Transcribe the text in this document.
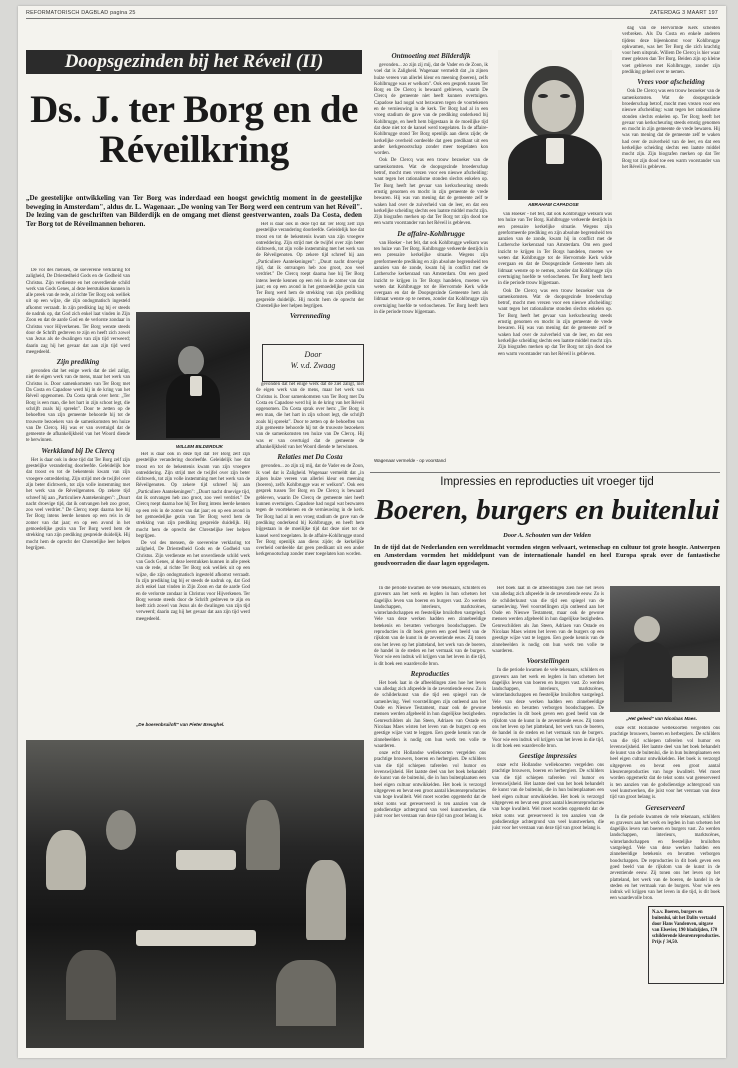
REFORMATORISCH DAGBLAD pagina 25	ZATERDAG 3 MAART 197
Doopsgezinden bij het Réveil (II)
Ds. J. ter Borg en de Réveilkring
„De geestelijke ontwikkeling van Ter Borg was inderdaad een hoogst gewichtig moment in de geestelijke beweging in Amsterdam", aldus dr. L. Wagenaar. „De woning van Ter Borg werd een centrum van het Réveil". De lezing van de geschriften van Bilderdijk en de omgang met dienst geestverwanten, zoals Da Costa, deden Ter Borg tot de Réveilmannen behoren.

De vol des mensen, de soevereine verklaring tot zaligheid, De Driestedheid Gods en de Godheid van Christus. Zijn verdienste en het onverdiende schild werk van Gods Genes, al deze leerstukken kunnen in alle preek van de rede, al richte Ter Borg ook welliek uit op een wijze, die zijn ondogmatisch ingesteld afkomst verraadt. In zijn prediking lag bij er steeds de nadruk op, dat God zich enkel laat vinden in Zijn Zoon en dat de aarde God en de verlorste zondaar in Christus voor Hijverkenen. Ter Borg wenste steeds door de Schrift gedreven te zijn en heeft zich zowel van Jezus als de dwalingen van zijn tijd verweerd; daarin zag hij het gevaar dat aan zijn tijd werd meegedeeld.

Zijn prediking

gevonden dat het enige werk dat de ziel zaligt, niet de eigen werk van de mens, maar het werk van Christus is. Door samenkomsten van Ter Borg met Da Costa en Capadose werd hij in de kring van het Réveil opgenomen. Da Costa sprak over hem: „Ter Borg is een man, die het hart in zijn schoot legt, die schrijft zoals hij spreekt". Door te zetten op de behoeften van zijn gemeente behoorde hij tot de trouwste bezoekers van de samenkomsten ten huize van De Clercq. Hij was er van overtuigd dat de gemeente de afhankelijkheid van het Woord diende te herwinnen.

Werkkland bij De Clercq

Het is daar ook in deze tijd dat Ter Borg zelf zijn geestelijke verandering doorleefde. Geleidelijk hoe dat troost en tot de bekentenis kwam van zijn vroegere ontreddering. Zijn strijd met de twijfel over zijn beter dichtwerk, tot zijn volle instemming met het werk van de Réveilgenoten. Op zekere tijd schreef hij aan „Particuliere Aantekeningen": „Duurt nacht droevige tijd, dat ik ontvangen heb zoo groot, zoo veel verdriet." De Clercq roept daarna hoe hij Ter Borg intens leerde kennen op een reis in de zomer van dat jaar; en op een avond in het gemoedelijke gezin van Ter Borg werd hem de strekking van zijn prediking gespreide duidelijk. Hij mocht hem de oprecht der Chrestelijke leer helpen begrijpen.

WILLEM BILDERDIJK

Het is daar ook in deze tijd dat Ter Borg zelf zijn geestelijke verandering doorleefde. Geleidelijk hoe dat troost en tot de bekentenis kwam van zijn vroegere ontreddering. Zijn strijd met de twijfel over zijn beter dichtwerk, tot zijn volle instemming met het werk van de Réveilgenoten. Op zekere tijd schreef hij aan „Particuliere Aantekeningen": „Duurt nacht droevige tijd, dat ik ontvangen heb zoo groot, zoo veel verdriet." De Clercq roept daarna hoe hij Ter Borg intens leerde kennen op een reis in de zomer van dat jaar; en op een avond in het gemoedelijke gezin van Ter Borg werd hem de strekking van zijn prediking gespreide duidelijk. Hij mocht hem de oprecht der Chrestelijke leer helpen begrijpen.

De vol des mensen, de soevereine verklaring tot zaligheid, De Driestedheid Gods en de Godheid van Christus. Zijn verdienste en het onverdiende schild werk van Gods Genes, al deze leerstukken kunnen in alle preek van de rede, al richte Ter Borg ook welliek uit op een wijze, die zijn ondogmatisch ingesteld afkomst verraadt. In zijn prediking lag bij er steeds de nadruk op, dat God zich enkel laat vinden in Zijn Zoon en dat de aarde God en de verlorste zondaar in Christus voor Hijverkenen. Ter Borg wenste steeds door de Schrift gedreven te zijn en heeft zich zowel van Jezus als de dwalingen van zijn tijd verweerd; daarin zag hij het gevaar dat aan zijn tijd werd meegedeeld.

„De boerenbruiloft" van Pieter Breughel.

Het is daar ook in deze tijd dat Ter Borg zelf zijn geestelijke verandering doorleefde. Geleidelijk hoe dat troost en tot de bekentenis kwam van zijn vroegere ontreddering. Zijn strijd met de twijfel over zijn beter dichtwerk, tot zijn volle instemming met het werk van de Réveilgenoten. Op zekere tijd schreef hij aan „Particuliere Aantekeningen": „Duurt nacht droevige tijd, dat ik ontvangen heb zoo groot, zoo veel verdriet." De Clercq roept daarna hoe hij Ter Borg intens leerde kennen op een reis in de zomer van dat jaar; en op een avond in het gemoedelijke gezin van Ter Borg werd hem de strekking van zijn prediking gespreide duidelijk. Hij mocht hem de oprecht der Chrestelijke leer helpen begrijpen.

Verrenneding
Door
W. v.d. Zwaag

gevonden dat het enige werk dat de ziel zaligt, niet de eigen werk van de mens, maar het werk van Christus is. Door samenkomsten van Ter Borg met Da Costa en Capadose werd hij in de kring van het Réveil opgenomen. Da Costa sprak over hem: „Ter Borg is een man, die het hart in zijn schoot legt, die schrijft zoals hij spreekt". Door te zetten op de behoeften van zijn gemeente behoorde hij tot de trouwste bezoekers van de samenkomsten ten huize van De Clercq. Hij was er van overtuigd dat de gemeente de afhankelijkheid van het Woord diende te herwinnen.

Relaties met Da Costa

gevonden... zo zijn zij mij, dat de Vader en de Zoon, ik voel dat is Zaligheid. Wagenaar vermeldt dat „in zijnen huize vereen van allerlei kleur en meening (boeren), zelfs Kohlbrugge was er welkom". Ook een gesprek tussen Ter Borg en De Clercq is bewaard gebleven, waarin De Clercq de gemeente niet heeft kunnen overtuigen. Capadose had nogal wat bezwaren tegen de voortekenen en de vernieuwing in de kerk. Ter Borg had al in een vroeg stadium de gave van de prediking onderkend bij Kohlbrugge, en heeft hem bijgestaan in de moeilijke tijd dat deze niet tot de kansel werd toegelaten. In de affaire-Kohlbrugge stond Ter Borg openlijk aan diens zijde; de kerkelijke overheid oordeelde dat geen predikant uit een ander kerkgenootschap zonder meer toegelaten kon worden.

Ontmoeting met Bilderdijk

gevonden... zo zijn zij mij, dat de Vader en de Zoon, ik voel dat is Zaligheid. Wagenaar vermeldt dat „in zijnen huize vereen van allerlei kleur en meening (boeren), zelfs Kohlbrugge was er welkom". Ook een gesprek tussen Ter Borg en De Clercq is bewaard gebleven, waarin De Clercq de gemeente niet heeft kunnen overtuigen. Capadose had nogal wat bezwaren tegen de voortekenen en de vernieuwing in de kerk. Ter Borg had al in een vroeg stadium de gave van de prediking onderkend bij Kohlbrugge, en heeft hem bijgestaan in de moeilijke tijd dat deze niet tot de kansel werd toegelaten. In de affaire-Kohlbrugge stond Ter Borg openlijk aan diens zijde; de kerkelijke overheid oordeelde dat geen predikant uit een ander kerkgenootschap zonder meer toegelaten kon worden.

Ook De Clercq was een trouw bezoeker van de samenkomsten. Wat de doopsgezinde broederschap betrof, mocht men vrezen voor een nieuwe afscheiding: want tegen het rationalisme stonden slechts enkelen op. Ter Borg heeft het gevaar van kerkscheuring steeds ernstig genomen en mocht in zijn gemeente de vrede bewaren. Hij was van mening dat de gemeente zelf te waken had over de zuiverheid van de leer, en dat een kerkelijke scheiding slechts een laatste middel mocht zijn. Zijn biografen merken op dat Ter Borg tot zijn dood toe een warm voorstander van het Réveil is gebleven.

De affaire-Kohlbrugge

van Hoeker - het feit, dat ook Kohlbrugge welkom was ten huize van Ter Borg. Kohlbrugge verkeerde destijds in een pressaire kerkelijke situatie. Wegens zijn gereformeerde prediking en zijn absolute begrensheid ten aanzien van de zonde, kwam hij in conflict met de Luthersche kerkenraad van Amsterdam. Om een goed inzicht te krijgen in Ter Borgs handelen, moeten we weten dat Kohlbrugge tot de Hervormde Kerk wilde overgaan en dat de Doopsgezinde Gemeente hem als lidmaat wenste op te nemen, zonder dat Kohlbrugge zijn overtuiging hoefde te verloochenen. Ter Borg heeft hem in die periode trouw bijgestaan.

Wagenaar vermelde - op voorstand
ABRAHAM CAPADOSE

van Hoeker - het feit, dat ook Kohlbrugge welkom was ten huize van Ter Borg. Kohlbrugge verkeerde destijds in een pressaire kerkelijke situatie. Wegens zijn gereformeerde prediking en zijn absolute begrensheid ten aanzien van de zonde, kwam hij in conflict met de Luthersche kerkenraad van Amsterdam. Om een goed inzicht te krijgen in Ter Borgs handelen, moeten we weten dat Kohlbrugge tot de Hervormde Kerk wilde overgaan en dat de Doopsgezinde Gemeente hem als lidmaat wenste op te nemen, zonder dat Kohlbrugge zijn overtuiging hoefde te verloochenen. Ter Borg heeft hem in die periode trouw bijgestaan.

Ook De Clercq was een trouw bezoeker van de samenkomsten. Wat de doopsgezinde broederschap betrof, mocht men vrezen voor een nieuwe afscheiding: want tegen het rationalisme stonden slechts enkelen op. Ter Borg heeft het gevaar van kerkscheuring steeds ernstig genomen en mocht in zijn gemeente de vrede bewaren. Hij was van mening dat de gemeente zelf te waken had over de zuiverheid van de leer, en dat een kerkelijke scheiding slechts een laatste middel mocht zijn. Zijn biografen merken op dat Ter Borg tot zijn dood toe een warm voorstander van het Réveil is gebleven.

dag van de Hervormde Kerk scheiden verbreken. Als Da Costa en enkele anderen tijdens deze bijeenkomst voor Kohlbrugge opkwamen, was het Ter Borg die zich krachtig voor hem uitsprak. Willem De Clercq is hier waar meer gelezen dan Ter Borg. Beiden zijn op kleine voet gebleven met Kohlbrugge, zonder zijn prediking geheel over te nemen.

Vrees voor afscheiding

Ook De Clercq was een trouw bezoeker van de samenkomsten. Wat de doopsgezinde broederschap betrof, mocht men vrezen voor een nieuwe afscheiding: want tegen het rationalisme stonden slechts enkelen op. Ter Borg heeft het gevaar van kerkscheuring steeds ernstig genomen en mocht in zijn gemeente de vrede bewaren. Hij was van mening dat de gemeente zelf te waken had over de zuiverheid van de leer, en dat een kerkelijke scheiding slechts een laatste middel mocht zijn. Zijn biografen merken op dat Ter Borg tot zijn dood toe een warm voorstander van het Réveil is gebleven.

Impressies en reproducties uit vroeger tijd
Boeren, burgers en buitenlui
Door A. Schouten van der Velden
In de tijd dat de Nederlanden een wereldmacht vormden stegen welvaart, wetenschap en cultuur tot grote hoogte. Antwerpen en Amsterdam vormden het middelpunt van de internationale handel en heel Europa sprak over de fantastische goudvoorraden die daar lagen opgeslagen.

In die periode kwamen de vele tekenaars, schilders en graveurs aan het werk en legden in hun schetsen het dagelijks leven van boeren en burgers vast. Zo werden landschappen, interieurs, marktscènes, winterlandschappen en feestelijke bruiloften vastgelegd. Vele van deze werken hadden een zinnebeeldige betekenis en bevatten verborgen boodschappen. De reproducties in dit boek geven een goed beeld van de rijkdom van de kunst in de zeventiende eeuw. Zij tonen ons het leven op het platteland, het werk van de boeren, de handel in de steden en het vermaak van de burgers. Voor wie een indruk wil krijgen van het leven in die tijd, is dit boek een waardevolle bron.

Reproducties

Het boek laat in de afbeeldingen zien hoe het leven van alledag zich afspeelde in de zeventiende eeuw. Zo is de schilderkunst van die tijd een spiegel van de samenleving. Veel voorstellingen zijn ontleend aan het Oude en Nieuwe Testament, maar ook de gewone mensen werden afgebeeld in hun dagelijkse bezigheden. Genreschilders als Jan Steen, Adriaen van Ostade en Nicolaas Maes wisten het leven van de burgers op een geestige wijze vast te leggen. Een goede kennis van de zinnebeelden is nodig om hun werk ten volle te waarderen.

onze echt Hollandse wellekoorten vergelden ons prachtige brouwers, boeren en herbergiers. De schilders van die tijd schiepen taferelen vol humor en levenswijsheid. Het laatste deel van het boek behandelt de kunst van de buitenlui, die in hun buitenplaatsen een heel eigen cultuur ontwikkelden. Het boek is verzorgd uitgegeven en bevat een groot aantal kleurenreproducties van hoge kwaliteit. Wel moet worden opgemerkt dat de tekst soms wat gereserveerd is ten aanzien van de godsdienstige achtergrond van veel kunstwerken, die juist voor het verstaan van deze tijd van groot belang is.

Het boek laat in de afbeeldingen zien hoe het leven van alledag zich afspeelde in de zeventiende eeuw. Zo is de schilderkunst van die tijd een spiegel van de samenleving. Veel voorstellingen zijn ontleend aan het Oude en Nieuwe Testament, maar ook de gewone mensen werden afgebeeld in hun dagelijkse bezigheden. Genreschilders als Jan Steen, Adriaen van Ostade en Nicolaas Maes wisten het leven van de burgers op een geestige wijze vast te leggen. Een goede kennis van de zinnebeelden is nodig om hun werk ten volle te waarderen.

Voorstellingen

In die periode kwamen de vele tekenaars, schilders en graveurs aan het werk en legden in hun schetsen het dagelijks leven van boeren en burgers vast. Zo werden landschappen, interieurs, marktscènes, winterlandschappen en feestelijke bruiloften vastgelegd. Vele van deze werken hadden een zinnebeeldige betekenis en bevatten verborgen boodschappen. De reproducties in dit boek geven een goed beeld van de rijkdom van de kunst in de zeventiende eeuw. Zij tonen ons het leven op het platteland, het werk van de boeren, de handel in de steden en het vermaak van de burgers. Voor wie een indruk wil krijgen van het leven in die tijd, is dit boek een waardevolle bron.

Geestige impressies

onze echt Hollandse wellekoorten vergelden ons prachtige brouwers, boeren en herbergiers. De schilders van die tijd schiepen taferelen vol humor en levenswijsheid. Het laatste deel van het boek behandelt de kunst van de buitenlui, die in hun buitenplaatsen een heel eigen cultuur ontwikkelden. Het boek is verzorgd uitgegeven en bevat een groot aantal kleurenreproducties van hoge kwaliteit. Wel moet worden opgemerkt dat de tekst soms wat gereserveerd is ten aanzien van de godsdienstige achtergrond van veel kunstwerken, die juist voor het verstaan van deze tijd van groot belang is.

„Het geleed" van Nicolaas Maes.

onze echt Hollandse wellekoorten vergelden ons prachtige brouwers, boeren en herbergiers. De schilders van die tijd schiepen taferelen vol humor en levenswijsheid. Het laatste deel van het boek behandelt de kunst van de buitenlui, die in hun buitenplaatsen een heel eigen cultuur ontwikkelden. Het boek is verzorgd uitgegeven en bevat een groot aantal kleurenreproducties van hoge kwaliteit. Wel moet worden opgemerkt dat de tekst soms wat gereserveerd is ten aanzien van de godsdienstige achtergrond van veel kunstwerken, die juist voor het verstaan van deze tijd van groot belang is.

Gereserveerd

In die periode kwamen de vele tekenaars, schilders en graveurs aan het werk en legden in hun schetsen het dagelijks leven van boeren en burgers vast. Zo werden landschappen, interieurs, marktscènes, winterlandschappen en feestelijke bruiloften vastgelegd. Vele van deze werken hadden een zinnebeeldige betekenis en bevatten verborgen boodschappen. De reproducties in dit boek geven een goed beeld van de rijkdom van de kunst in de zeventiende eeuw. Zij tonen ons het leven op het platteland, het werk van de boeren, de handel in de steden en het vermaak van de burgers. Voor wie een indruk wil krijgen van het leven in die tijd, is dit boek een waardevolle bron.

N.a.v. Boeren, burgers en buitenlui, uit het Dalits vertaald door Hans Vandenven, uitgave van Elsevier, 190 bladzijden, 170 schilderende kleurenreproducties. Prijs ƒ 34,50.
